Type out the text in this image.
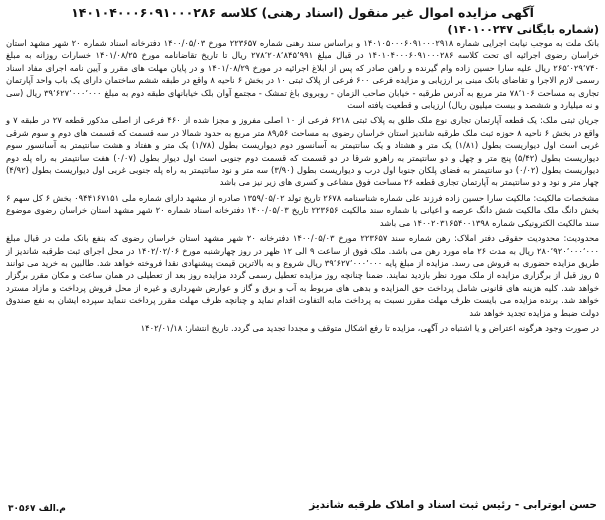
آگهی مزایده اموال غیر منقول (اسناد رهنی) کلاسه ۱۴۰۱۰۴۰۰۰۶۰۹۱۰۰۰۲۸۶
(شماره بایگانی ۱۴۰۱۰۰۲۴۷)

بانک ملت به موجب نیابت اجرایی شماره ۱۴۰۱۰۵۰۰۰۶۰۹۱۰۰۰۲۹۱۸ و براساس سند رهنی شماره ۲۲۳۶۵۷ مورخ ۱۴۰۰/۰۵/۰۳ دفترخانه اسناد شماره ۲۰ شهر مشهد استان خراسان رضوی اجرائیه ای تحت کلاسه ۱۴۰۱۰۴۰۰۰۶۰۹۱۰۰۰۲۸۶ در قبال مبلغ ۲۷۸٬۲۰۸٬۸۴۵٬۹۹۱ ریال تا تاریخ تقاضانامه مورخ ۱۴۰۱/۰۸/۲۵ خسارات روزانه به مبلغ ۲۶۵٬۰۲۹٬۷۴۰ ریال علیه سارا حسین زاده وام گیرنده و راهن صادر که پس از ابلاغ اجرائیه در مورخ ۱۴۰۱/۰۸/۲۹ و در پایان مهلت های مقرر و آیین نامه اجرای مفاد اسناد رسمی لازم الاجرا و تقاضای بانک مبنی بر ارزیابی و مزایده فرعی ۶۰۰ فرعی از پلاک ثبتی ۱۰ در بخش ۶ ناحیه ۸ واقع در طبقه ششم ساختمان دارای یک باب واحد آپارتمان تجاری به مساحت ۷۸٬۱۰۶ متر مربع به آدرس طرقبه - خیابان صاحب الزمان - روبروی باغ تمشک - مجتمع آوان بلک خیابانهای طبقه دوم به مبلغ ۳۹٬۶۲۷٬۰۰۰٬۰۰۰ ریال (سی و نه میلیارد و ششصد و بیست میلیون ریال) ارزیابی و قطعیت یافته است

جریان ثبتی ملک: یک قطعه آپارتمان تجاری نوع ملک طلق به پلاک ثبتی ۶۲۱۸ فرعی از ۱۰ اصلی مفروز و مجزا شده از ۴۶۰ فرعی از اصلی مذکور قطعه ۲۷ در طبقه ۷ و واقع در بخش ۶ ناحیه ۸ حوزه ثبت ملک طرقبه شاندیز استان خراسان رضوی به مساحت ۸۹٫۵۶ متر مربع به حدود شمالا در سه قسمت که قسمت های دوم و سوم شرقی غربی است اول دیواریست بطول (۱/۸۱) یک متر و هشتاد و یک سانتیمتر به آسانسور دوم دیواریست بطول (۱/۷۸) یک متر و هفتاد و هشت سانتیمتر به آسانسور سوم دیواریست بطول (۵/۴۲) پنج متر و چهل و دو سانتیمتر به راهرو شرقا در دو قسمت که قسمت دوم جنوبی است اول دیوار بطول (۰/۰۷) هفت سانتیمتر به راه پله دوم دیواریست بطول (۰/۰۲) دو سانتیمتر به فضای پلکان جنوبا اول درب و دیواریست بطول (۳/۹۰) سه متر و نود سانتیمتر به راه پله جنوبی غربی اول دیواریست بطول (۴/۹۲) چهار متر و نود و دو سانتیمتر به آپارتمان تجاری قطعه ۲۶ مساحت فوق مشاعی و کسری های زیر نیز می باشد

مشخصات مالکیت: مالکیت سارا حسین زاده فرزند علی شماره شناسنامه ۲۶۷۸ تاریخ تولد ۱۳۵۹/۰۵/۰۲ صادره از مشهد دارای شماره ملی ۰۹۴۴۱۶۷۱۵۱ بخش ۶ کل سهم ۶ بخش دانگ ملک مالکیت شش دانگ عرصه و اعیانی با شماره سند مالکیت ۲۲۳۶۵۶ تاریخ ۱۴۰۰/۰۵/۰۳ دفترخانه اسناد شماره ۲۰ شهر مشهد استان خراسان رضوی موضوع سند مالکیت الکترونیکی شماره ۱۴۰۰۲۰۳۱۶۵۴۰۰۱۳۹۸ می باشد

محدودیت: محدودیت حقوقی دفتر املاک: رهن شماره سند ۲۲۳۶۵۷ مورخ ۱۴۰۰/۰۵/۰۳ دفترخانه ۲۰ شهر مشهد استان خراسان رضوی که بنفع بانک ملت در قبال مبلغ ۲۸۰٬۹۲۰٬۰۰۰٬۰۰۰ ریال به مدت ۲۶ ماه مورد رهن می باشد. ملک فوق از ساعت ۹ الی ۱۲ ظهر در روز چهارشنبه مورخ ۱۴۰۲/۰۲/۰۶ در محل اجرای ثبت طرقبه شاندیز از طریق مزایده حضوری به فروش می رسد. مزایده از مبلغ پایه ۳۹٬۶۲۷٬۰۰۰٬۰۰۰ ریال شروع و به بالاترین قیمت پیشنهادی نقدا فروخته خواهد شد. طالبین به خرید می توانند ۵ روز قبل از برگزاری مزایده از ملک مورد نظر بازدید نمایند. ضمنا چنانچه روز مزایده تعطیل رسمی گردد مزایده روز بعد از تعطیلی در همان ساعت و مکان مقرر برگزار خواهد شد. کلیه هزینه های قانونی شامل پرداخت حق المزایده و بدهی های مربوط به آب و برق و گاز و عوارض شهرداری و غیره از محل فروش پرداخت و مازاد مسترد خواهد شد. برنده مزایده می بایست ظرف مهلت مقرر نسبت به پرداخت مابه التفاوت اقدام نماید و چنانچه ظرف مهلت مقرر پرداخت ننماید سپرده ایشان به نفع صندوق دولت ضبط و مزایده تجدید خواهد شد

در صورت وجود هرگونه اعتراض و یا اشتباه در آگهی، مزایده تا رفع اشکال متوقف و مجددا تجدید می گردد. تاریخ انتشار: ۱۴۰۲/۰۱/۱۸

حسن ابوترابی - رئیس ثبت اسناد و املاک طرقبه شاندیز
م.الف ۳۰۵۶۷
